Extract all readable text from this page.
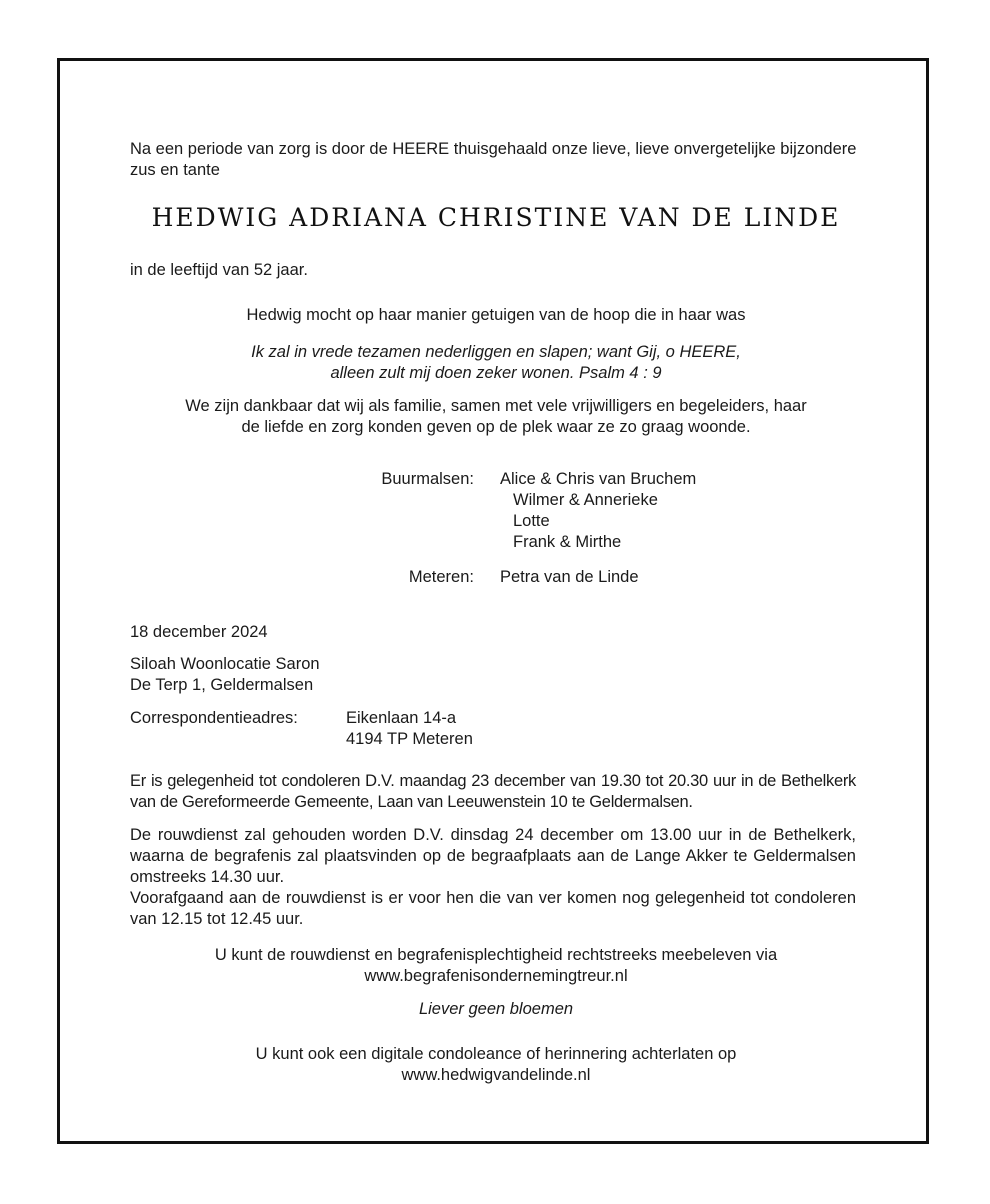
Na een periode van zorg is door de HEERE thuisgehaald onze lieve, lieve onvergetelijke bijzondere zus en tante

HEDWIG ADRIANA CHRISTINE VAN DE LINDE

in de leeftijd van 52 jaar.

Hedwig mocht op haar manier getuigen van de hoop die in haar was

Ik zal in vrede tezamen nederliggen en slapen; want Gij, o HEERE,
alleen zult mij doen zeker wonen. Psalm 4 : 9
We zijn dankbaar dat wij als familie, samen met vele vrijwilligers en begeleiders, haar
de liefde en zorg konden geven op de plek waar ze zo graag woonde.
Buurmalsen: Alice & Chris van Bruchem
Wilmer & Annerieke
Lotte
Frank & Mirthe
Meteren: Petra van de Linde

18 december 2024

Siloah Woonlocatie Saron
De Terp 1, Geldermalsen
Correspondentieadres:	Eikenlaan 14-a
4194 TP Meteren

Er is gelegenheid tot condoleren D.V. maandag 23 december van 19.30 tot 20.30 uur in de Bethelkerk van de Gereformeerde Gemeente, Laan van Leeuwenstein 10 te Geldermalsen.

De rouwdienst zal gehouden worden D.V. dinsdag 24 december om 13.00 uur in de Bethelkerk, waarna de begrafenis zal plaatsvinden op de begraafplaats aan de Lange Akker te Geldermalsen omstreeks 14.30 uur.

Voorafgaand aan de rouwdienst is er voor hen die van ver komen nog gelegenheid tot condoleren van 12.15 tot 12.45 uur.

U kunt de rouwdienst en begrafenisplechtigheid rechtstreeks meebeleven via
www.begrafenisondernemingtreur.nl

Liever geen bloemen

U kunt ook een digitale condoleance of herinnering achterlaten op
www.hedwigvandelinde.nl
